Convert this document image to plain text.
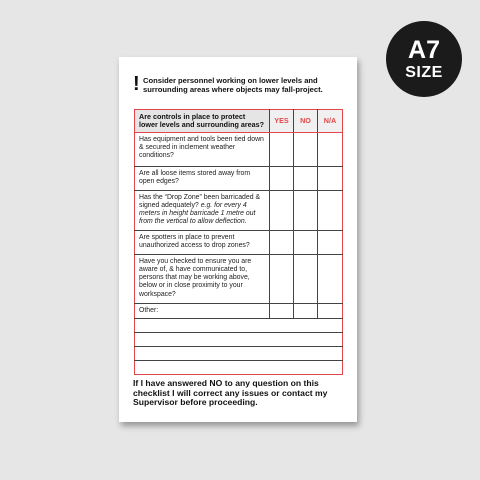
A7
SIZE
! Consider personnel working on lower levels and surrounding areas where objects may fall-project.
Are controls in place to protect lower levels and surrounding areas?	YES	NO	N/A
Has equipment and tools been tied down & secured in inclement weather conditions?			
Are all loose items stored away from open edges?			
Has the “Drop Zone” been barricaded & signed adequately? e.g. for every 4 meters in height barricade 1 metre out from the vertical to allow deflection.			
Are spotters in place to prevent unauthorized access to drop zones?			
Have you checked to ensure you are aware of, & have communicated to, persons that may be working above, below or in close proximity to your workspace?			
Other:			

If I have answered NO to any question on this checklist I will correct any issues or contact my Supervisor before proceeding.
